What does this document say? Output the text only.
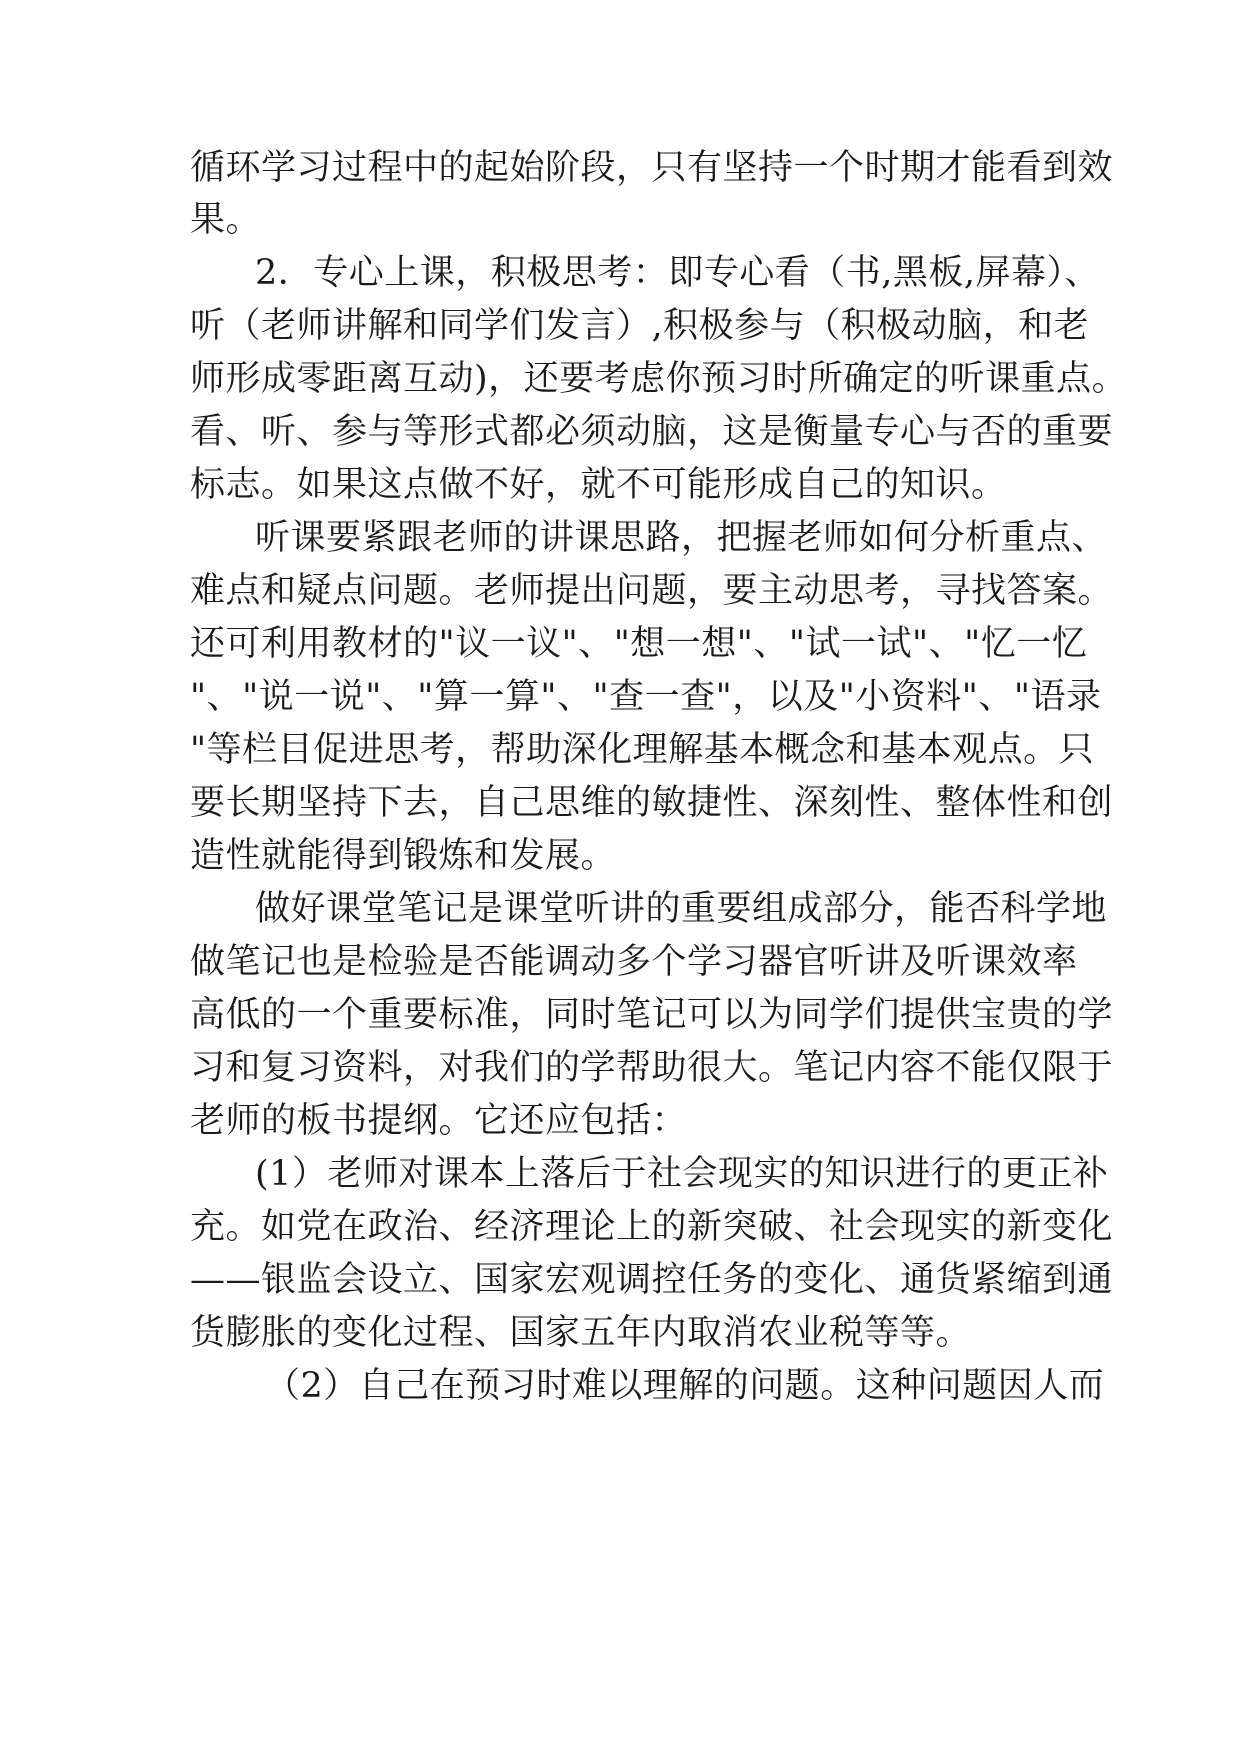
循环学习过程中的起始阶段，只有坚持一个时期才能看到效
果。
2．专心上课，积极思考：即专心看（书,黑板,屏幕）、
听（老师讲解和同学们发言）,积极参与（积极动脑，和老
师形成零距离互动)，还要考虑你预习时所确定的听课重点。
看、听、参与等形式都必须动脑，这是衡量专心与否的重要
标志。如果这点做不好，就不可能形成自己的知识。
听课要紧跟老师的讲课思路，把握老师如何分析重点、
难点和疑点问题。老师提出问题，要主动思考，寻找答案。
还可利用教材的"议一议"、"想一想"、"试一试"、"忆一忆
"、"说一说"、"算一算"、"查一查"，以及"小资料"、"语录
"等栏目促进思考，帮助深化理解基本概念和基本观点。只
要长期坚持下去，自己思维的敏捷性、深刻性、整体性和创
造性就能得到锻炼和发展。
做好课堂笔记是课堂听讲的重要组成部分，能否科学地
做笔记也是检验是否能调动多个学习器官听讲及听课效率
高低的一个重要标准，同时笔记可以为同学们提供宝贵的学
习和复习资料，对我们的学帮助很大。笔记内容不能仅限于
老师的板书提纲。它还应包括：
(1）老师对课本上落后于社会现实的知识进行的更正补
充。如党在政治、经济理论上的新突破、社会现实的新变化
——银监会设立、国家宏观调控任务的变化、通货紧缩到通
货膨胀的变化过程、国家五年内取消农业税等等。
（2）自己在预习时难以理解的问题。这种问题因人而
